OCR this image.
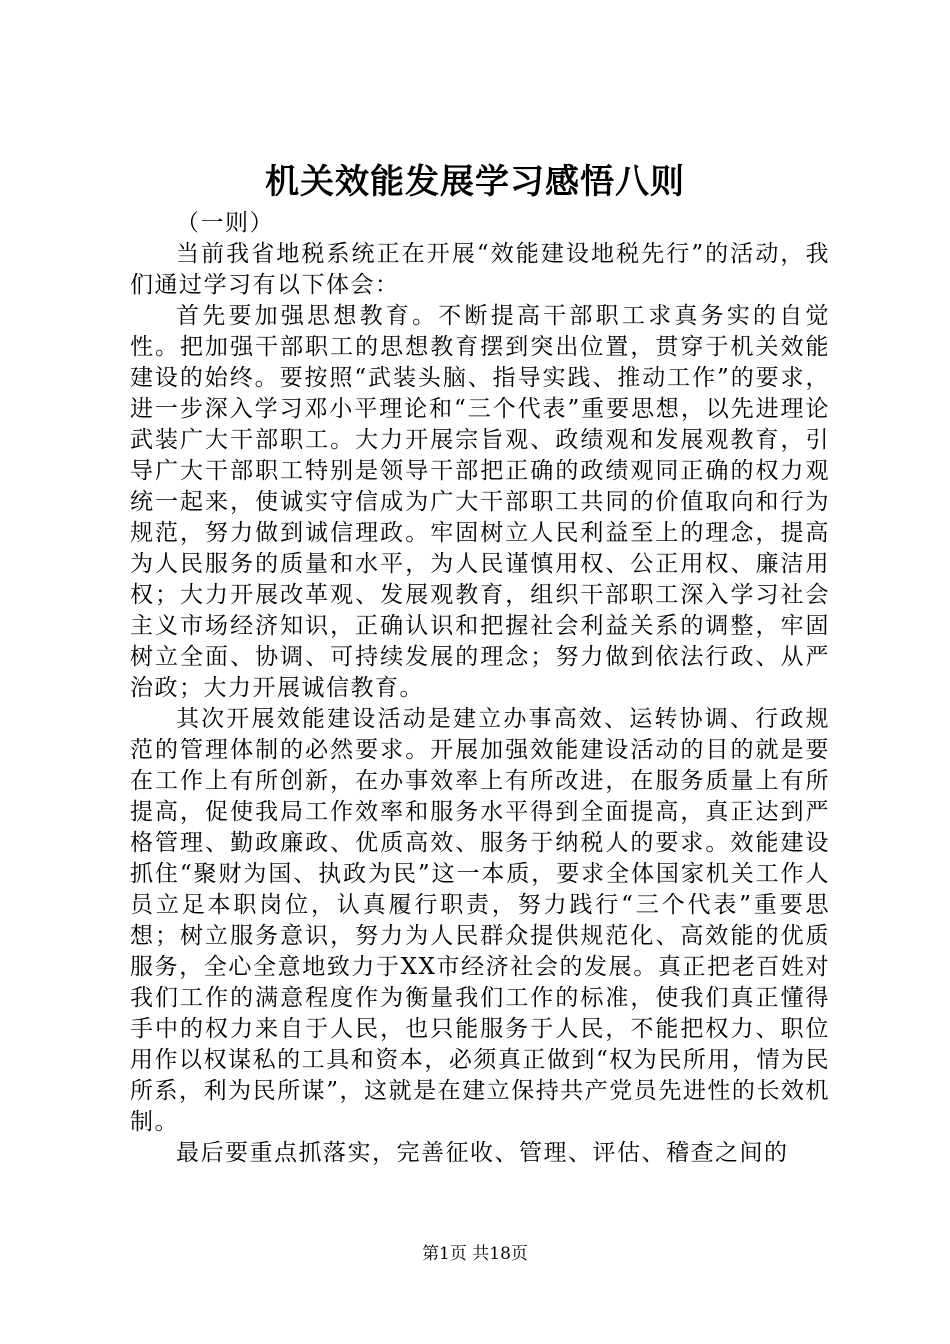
机关效能发展学习感悟八则

（一则）

当前我省地税系统正在开展“效能建设地税先行”的活动，我们通过学习有以下体会：

首先要加强思想教育。不断提高干部职工求真务实的自觉性。把加强干部职工的思想教育摆到突出位置，贯穿于机关效能建设的始终。要按照“武装头脑、指导实践、推动工作”的要求，进一步深入学习邓小平理论和“三个代表”重要思想，以先进理论武装广大干部职工。大力开展宗旨观、政绩观和发展观教育，引导广大干部职工特别是领导干部把正确的政绩观同正确的权力观统一起来，使诚实守信成为广大干部职工共同的价值取向和行为规范，努力做到诚信理政。牢固树立人民利益至上的理念，提高为人民服务的质量和水平，为人民谨慎用权、公正用权、廉洁用权；大力开展改革观、发展观教育，组织干部职工深入学习社会主义市场经济知识，正确认识和把握社会利益关系的调整，牢固树立全面、协调、可持续发展的理念；努力做到依法行政、从严治政；大力开展诚信教育。

其次开展效能建设活动是建立办事高效、运转协调、行政规范的管理体制的必然要求。开展加强效能建设活动的目的就是要在工作上有所创新，在办事效率上有所改进，在服务质量上有所提高，促使我局工作效率和服务水平得到全面提高，真正达到严格管理、勤政廉政、优质高效、服务于纳税人的要求。效能建设抓住“聚财为国、执政为民”这一本质，要求全体国家机关工作人员立足本职岗位，认真履行职责，努力践行“三个代表”重要思想；树立服务意识，努力为人民群众提供规范化、高效能的优质服务，全心全意地致力于XX市经济社会的发展。真正把老百姓对我们工作的满意程度作为衡量我们工作的标准，使我们真正懂得手中的权力来自于人民，也只能服务于人民，不能把权力、职位用作以权谋私的工具和资本，必须真正做到“权为民所用，情为民所系，利为民所谋”，这就是在建立保持共产党员先进性的长效机制。

最后要重点抓落实，完善征收、管理、评估、稽查之间的

第1页 共18页
